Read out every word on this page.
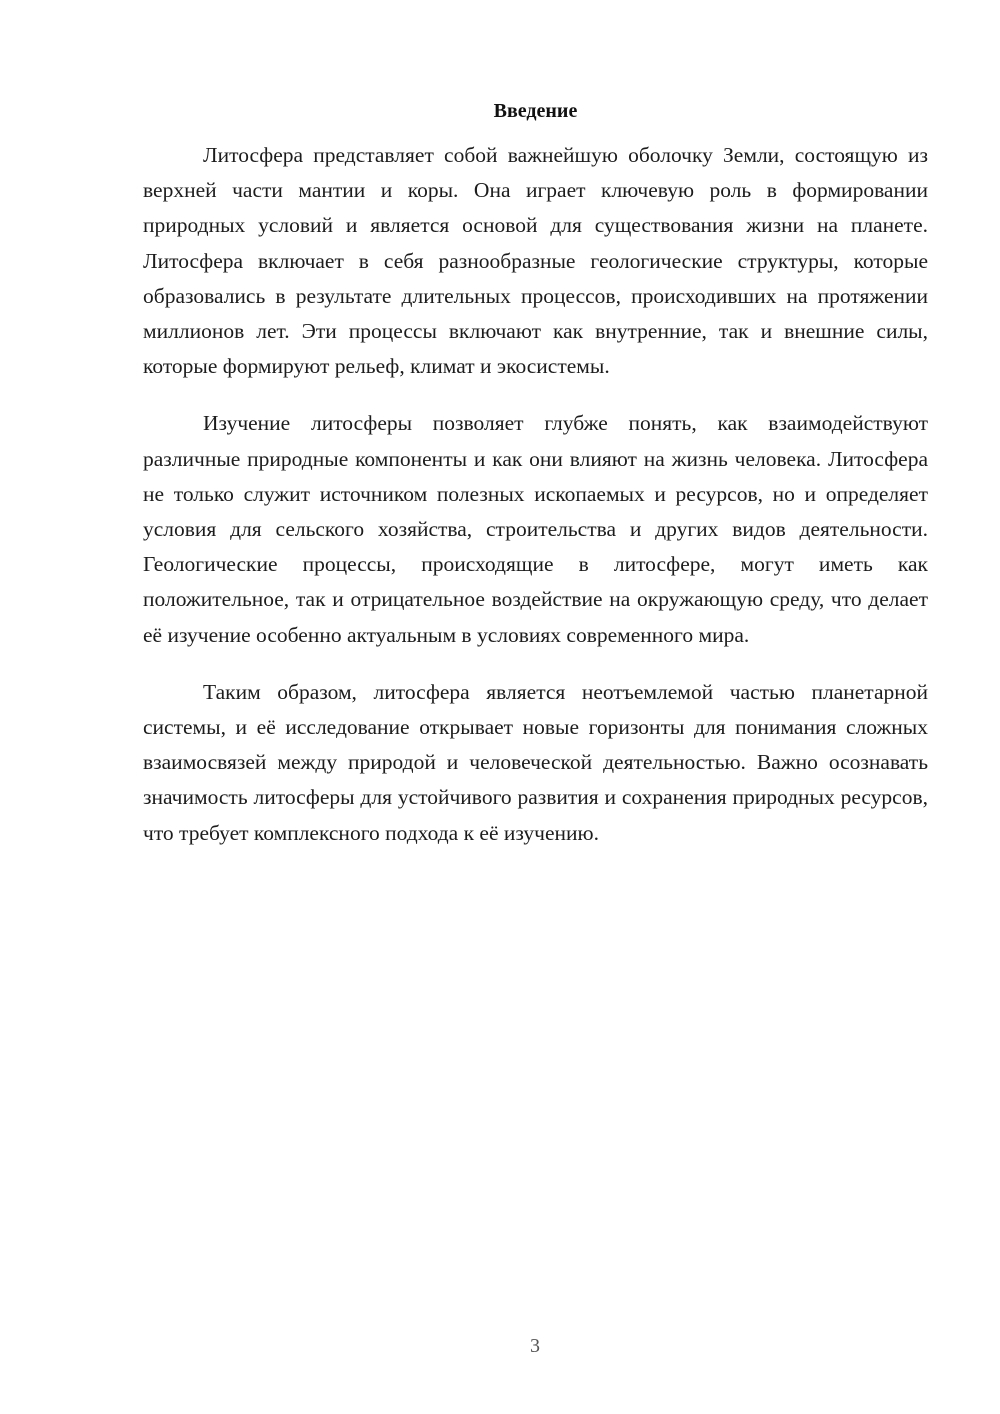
Введение

Литосфера представляет собой важнейшую оболочку Земли, состоящую из верхней части мантии и коры. Она играет ключевую роль в формировании природных условий и является основой для существования жизни на планете. Литосфера включает в себя разнообразные геологические структуры, которые образовались в результате длительных процессов, происходивших на протяжении миллионов лет. Эти процессы включают как внутренние, так и внешние силы, которые формируют рельеф, климат и экосистемы.

Изучение литосферы позволяет глубже понять, как взаимодействуют различные природные компоненты и как они влияют на жизнь человека. Литосфера не только служит источником полезных ископаемых и ресурсов, но и определяет условия для сельского хозяйства, строительства и других видов деятельности. Геологические процессы, происходящие в литосфере, могут иметь как положительное, так и отрицательное воздействие на окружающую среду, что делает её изучение особенно актуальным в условиях современного мира.

Таким образом, литосфера является неотъемлемой частью планетарной системы, и её исследование открывает новые горизонты для понимания сложных взаимосвязей между природой и человеческой деятельностью. Важно осознавать значимость литосферы для устойчивого развития и сохранения природных ресурсов, что требует комплексного подхода к её изучению.

3
